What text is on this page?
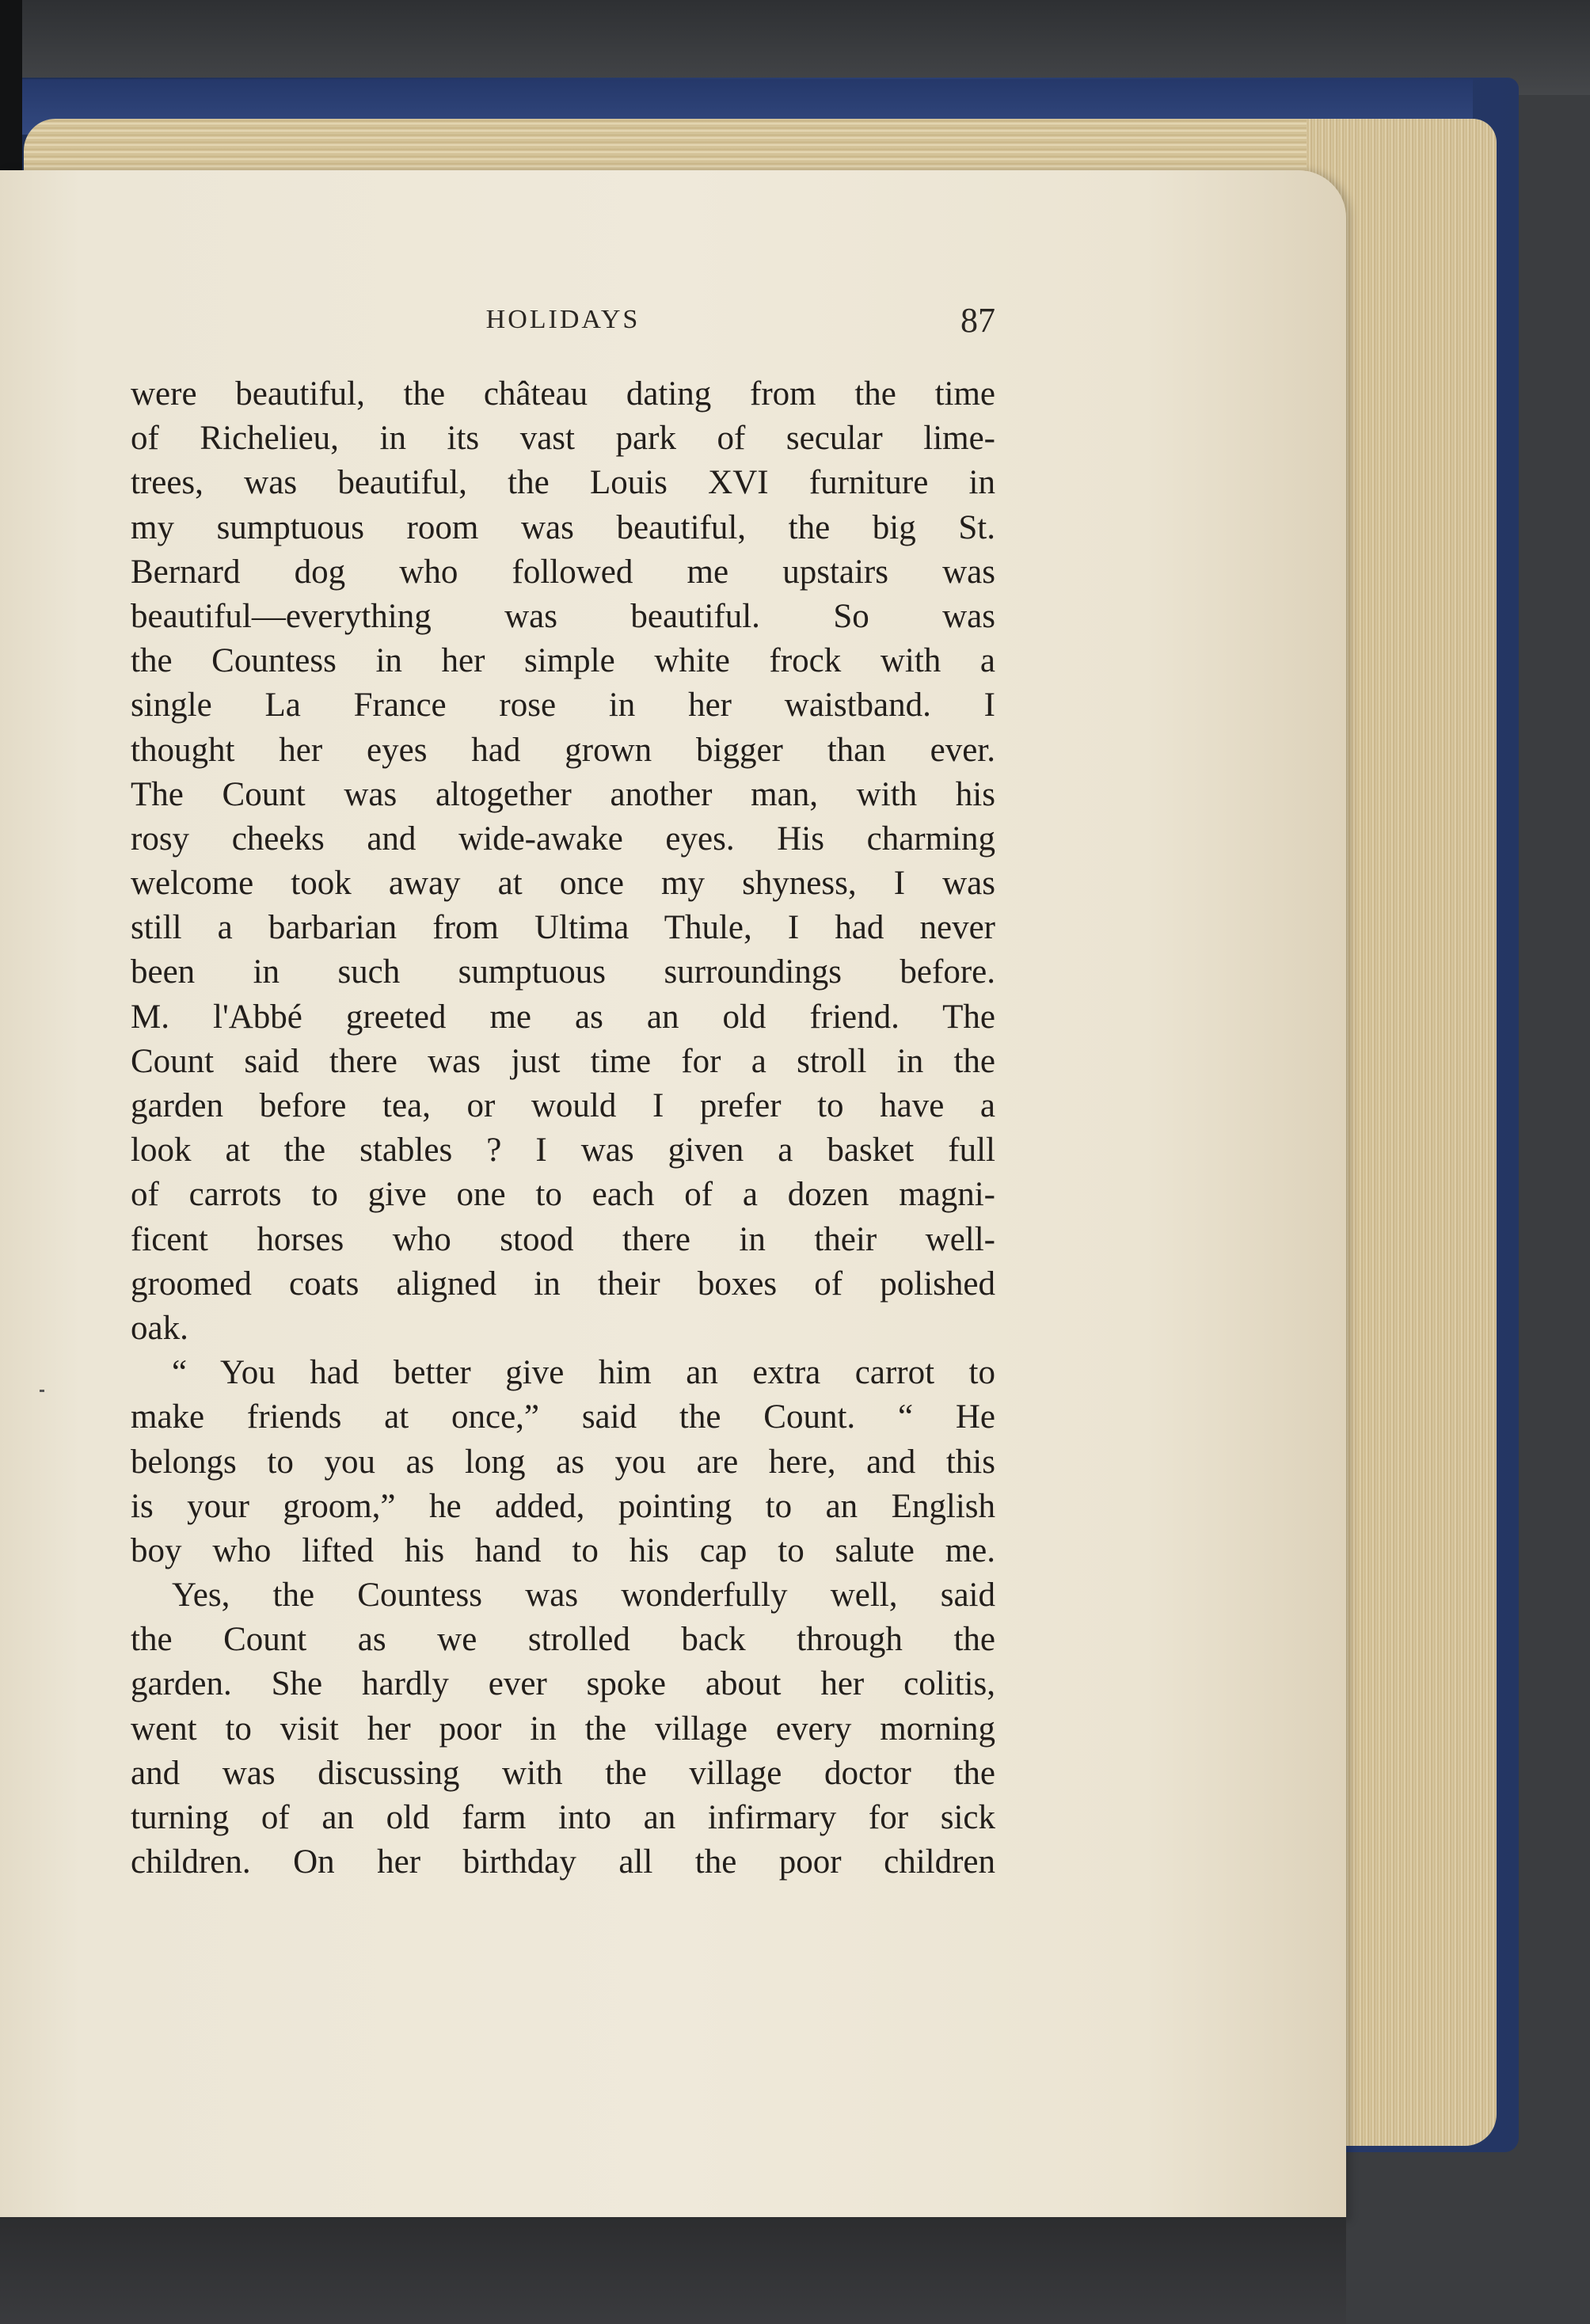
HOLIDAYS	87
were beautiful, the château dating from the time
of Richelieu, in its vast park of secular lime-
trees, was beautiful, the Louis XVI furniture in
my sumptuous room was beautiful, the big St.
Bernard dog who followed me upstairs was
beautiful—everything was beautiful. So was
the Countess in her simple white frock with a
single La France rose in her waistband. I
thought her eyes had grown bigger than ever.
The Count was altogether another man, with his
rosy cheeks and wide-awake eyes. His charming
welcome took away at once my shyness, I was
still a barbarian from Ultima Thule, I had never
been in such sumptuous surroundings before.
M. l'Abbé greeted me as an old friend. The
Count said there was just time for a stroll in the
garden before tea, or would I prefer to have a
look at the stables ? I was given a basket full
of carrots to give one to each of a dozen magni-
ficent horses who stood there in their well-
groomed coats aligned in their boxes of polished
oak.
“ You had better give him an extra carrot to
make friends at once,” said the Count. “ He
belongs to you as long as you are here, and this
is your groom,” he added, pointing to an English
boy who lifted his hand to his cap to salute me.
Yes, the Countess was wonderfully well, said
the Count as we strolled back through the
garden. She hardly ever spoke about her colitis,
went to visit her poor in the village every morning
and was discussing with the village doctor the
turning of an old farm into an infirmary for sick
children. On her birthday all the poor children
